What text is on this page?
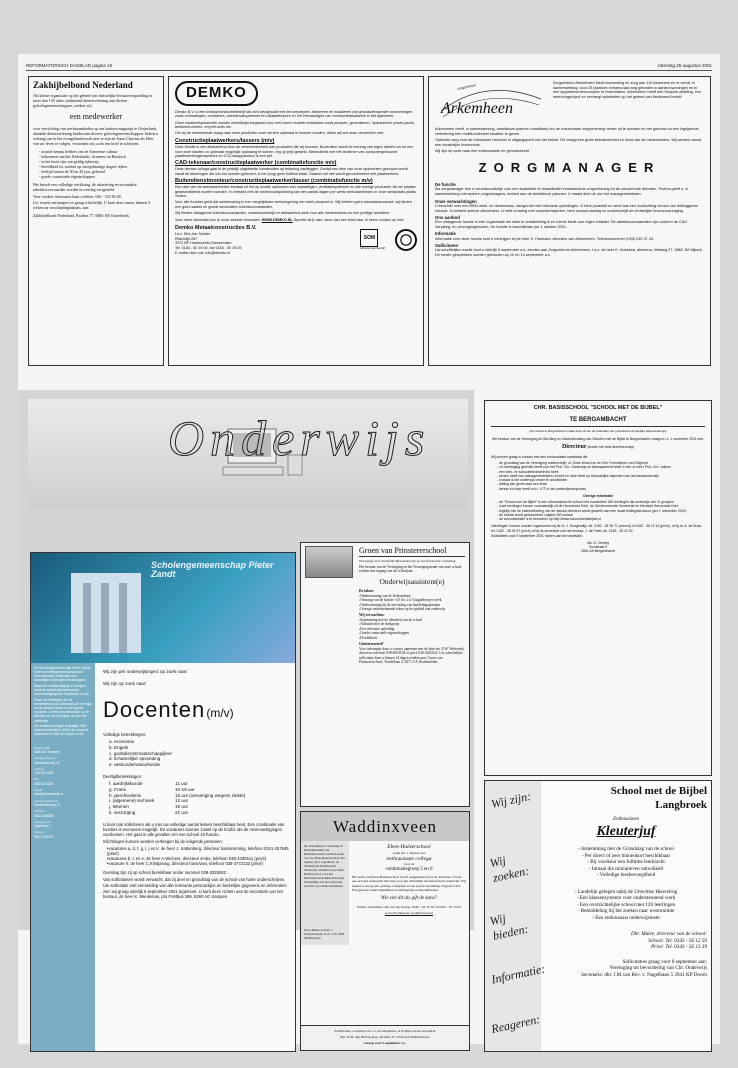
REFORMATORISCH DAGBLAD pagina 16	zaterdag 25 augustus 2001
Zakhijbelbond Nederland

Als kleine organisatie op het gebied van christelijke lectuurverspreiding in meer dan 130 talen, uitsluitend dienstverlening aan diverse geloofsgemeenschappen, zoeken wij:

een medewerker

voor verrichting van werkzaamheden op ons kantoor/magazijn te Oosterbeek, alsmede dienstverlening binden aan diverse geloofsgemeenschappen. Indien u verlangt om in het evangelisatiewerk mee te zijn en Jezus Christus als Heer van uw leven te volgen, verzoeken wij u om een brief te schrijven.

- actuele kennis hebben van de Armeense cultuur
- bekenmen van het Nederlands, Armeens en Russisch
- in het bezit zijn van geldig rijbewijs
- bereidheid tot werken op onregelmatige dagen/ tijden
- leeftijd tussen de 30 en 45 jaar, geboeid
- goede contactuele eigenschappen

Het betreft een volledige werkkring, de salariëring en secundaire arbeidsvoorwaarden worden in overleg vastgesteld.

Voor verdere informatie kunt u bellen: 026 - 333 80 48.

Uw reactie ontvangen we graag schriftelijk. U kunt deze sturen, binnen 3 weken na verschijningsdatum, aan:

Zakbijbelbond Nederland, Postbus 77, 6860 AB Oosterbeek

DEMKO

Demko B.V. is een metaalconstructiebedrijf dat zich bezighoudt met het ontwerpen, fabriceren en installeren van geluidsdempende voorzieningen zoals omkastingen, containers, werkstraaksystemen en uitlaatdempers en het vervaardigen van constructieplaatwerk in het algemeen.

Onze maatwerkproducten worden wereldwijd toegepast voor met name mobiele installaties zoals pompen, generatoren, hydraulische power-packs, bentoniet-mixers, recycle-units etc.

Om bij de toenemende vraag naar onze producten onze service optimaal te kunnen houden, willen wij ons team versterken met:

Constructieplaatwerkers/lassers (m/v)

Deze functie is een afwisselend door de verscheidenheid aan producten die wij bouwen. Bovendien wordt de inbreng van eigen ideeën om tot een voor onze klanten zo optimaal mogelijke oplossing te komen, erg op prijs gesteld. Bekendheid met het bedienen van computergestuurde plaatbewerkingsmachines en CO2-lasapparatuur is een pré.

CAD-tekenaar/constructieplaatwerker (combinatiefunctie m/v)

Deze nieuwe collega gaat in de praktijk uitgebreide constructies op tekening vastleggen. Omdat een deel van onze opdrachten gebouwd wordt vanaf de tekeningen die ons toe worden geleverd, is het (nog) geen fulltime baan. Daarom wil niet wordt gecombineerd met plaatwerkers.

Buitendienstmonteur/constructieplaatwerker/lasser (combinatiefunctie m/v)

Een deel van de werkzaamheden bestaat uit het op locatie opbouwen van onkastingen, ventilatiesystemen en alle overige producten die ter plaatse geassembleerd moeten worden. In verband met de onderhoudsplanning kan een aantal dagen per week werkzaamheden in onze werkplaats plaats vinden.

Voor alle functies geldt dat werkervaring in een vergelijkbare werkomgeving een sterk pluspunt is. Wij hebben geen standaardcontract; wij bieden een goed salaris en goede secundaire arbeidsvoorwaarden.

Wij bieden uitdagende arbeidsvoorwaarden, verantwoordelijk en afwisselend werk voor alle medewerkers en een prettige werksfeer.

Voor meer informatie kun je onze website bezoeken, WWW.DEMKO.NL Spreekt dit je aan, stuur dan een brief naar of neem contact op met:

Demko Metaalconstructies B.V.
t.a.v. Dirk-Jan Schriet
Rivierdijk 287
3372 BP Hardinxveld-Giessendam
Tel. 0184 - 60 19 00, fax 0184 - 60 25 09
E-mailen kan ook: info@demko.nl
SOM
Erkend Leerbedrijf
Arkemheen
zorgcentrum

Zorgcentrum Arkemheen biedt huisvesting en zorg aan 110 bewoners en er wordt, in samenwerking, voor 25 plaatsen extramuraal zorg geboden in aanleunwoningen en in een appartementencomplex in Hoevelaken. Arkemheen heeft een Hospice-afdeling, een meerzorgproject en vervangt activiteiten op het gebied van flankerend beleid.

Arkemheen heeft, in samenwerking, ambitieuze plannen ontwikkeld om de extramurale zorgverlening verder uit te bouwen en het gebouw na een ingrijpende verbetering een multifunctioneel karakter te geven.

Optimale zorg voor de individuele bewoner is uitgangspunt van het beleid. Dit vraagt een grote betrokkenheid en inzet van de medewerkers. Wij werken vanuit een christelijke levensvisie.

Wij zijn op zoek naar een enthousiaste en gemotiveerde

ZORGMANAGER
De functie

Als zorgmanager ben u verantwoordelijk voor een kwalitatief en kwantitatief verantwoorde zorgverlening en de uitvoerende diensten. Tevens geeft u, in samenwerking met andere zorgmanagers, invloed aan de ambitieuze plannen. U maakt deel uit van het managementteam.

Onze verwachtingen

U beschikt over een HBO-werk- en denkniveau, aangevuld met relevante opleidingen. U bent proactief en weet wat een voorlichting inhoud van leidinggeven inhoudt. U beheert actieve uitvoerders. U hebt ervaring met verandertrajecten, bent sociaal vaardig en onderschrijft de christelijke levensovertuiging.

Ons aanbod

Een uitdagende functie in een organisatie die sterk in ontwikkeling is en ruimte biedt voor eigen initiatief. De arbeidsvoorwaarden zijn conform de CAO Verpleeg- en verzorgingshuizen. De functie is beschikbaar per 1 oktober 2001.

Informatie

Informatie over deze functie kunt u verkrijgen bij de heer K. Hoekstra, directeur van Arkemheen. Telefoonnummer (033) 245 37 34.

Sollicitaren

Uw schriftelijke reactie kunt u uiterlijk 5 september a.s. zenden aan Zorgcentrum Arkemheen, t.a.v. de heer K. Hoekstra, directeur, Veltweg 27, 3862 JM Nijkerk. De eerste gesprekken worden gehouden op 10 en 14 september a.s.

Onderwijs
Scholengemeenschap Pieter Zandt

De scholengemeenschap Pieter Zandt is een scholengemeenschap voor reformatorisch onderwijs voor christelijke schoolgemeenschappen.

Naast de hoofdvestiging in Kampen heeft de scholengemeenschap nevenvestigingen in Staphorst en Urk.

Zowel de leerlingen als de medewerkers zijn afkomstig uit de regio en de scholen staan in een goede reputatie. U bent een leerkracht op de scholen en uw hart gaat uit naar het onderwijs.

Het aantal leerlingen bedraagt 2400. Daarvan bezoeken 1000 de school te Staphorst en 400 de school in Urk.

Postbus 296
8260 AG Kampen
Vestiging Kampen
Kampenerweg 11
Telefoon
038-3323261
Fax
038-3321250
E-mail
info@pieterzandt.nl
Vestiging Staphorst
Gemeenteweg 12
Telefoon
0522-465898
Vestiging Urk
Lijsterbes 1
Telefoon
0527-243370

Wij zijn per onderwijstraject op zoek naar:

Wij zijn op zoek naar:

Docenten (m/v)

Volledige betrekkingen:

a. economie
b. Engels
c. godsdienst/maatschappijleer
d. lichamelijke opvoeding
e. wiskunde/natuurkunde

Deeltijdbetrekkingen:

f. aardrijkskunde	11 uur
g. Frans	10-16 uur
h. geschiedenis	15 uur (vervanging wegens ziekte)
i. (algemene) techniek	12 uur
j. tekenen	19 uur
k. verzorging	22 uur

U kunt ook solliciteren als u met uw volledige aantal lessen beschikbaar bent. Een combinatie van functies is eveneens mogelijk. De vacatures kunnen zowel op de hoofd- als de nevenvestigingen voorkomen. Het gaat in alle gevallen om een school 10-functie.

Inlichtingen kunnen worden verkregen bij de volgende personen:

• vacatures a, d, f, g, i, j en k: de heer J. Kattenberg, directeur basisvorming, telefoon 0341-257945 (privé)
• vacatures b, c en e: de heer A.Wichers, directeur vmbo, telefoon 038-3330511 (privé)
• vacature h: de heer C.Kristjaning, directeur havo/vwo, telefoon 038-4772133 (privé)

Overdag zijn zij op school bereikbaar onder nummer 038-3325262.

Van sollicitanten wordt verwacht, dat zij deel en grondslag van de school van harte onderschrijven.

Uw sollicitatie met vermelding van alle relevante persoonlijke en berkelijke gegevens en referenties zien wij graag uiterlijk 5 september 2001 tegemoet. U kunt deze richten aan de secretaris van het bestuur, de heer K. Meuleman, p/a Postbus 296, 8260 AG Kampen.

Groen van Prinstererschool

Vereniging voor Christelijk Basisonderwijs op Gereformeerde Grondslag

Het bestuur van de Vereniging en het Verzorgingsteam van onze school, zoeken met ingang van dit schooljaar:

Onderwijsassistent(e)
De taken:
› Ondersteuning van de leerkrachten
› Omvang van de functie: 0,5 fte, 2 à 3 dagdelen per week
› Ondersteuning bij de uitvoering van handelingsplannen
› Overige ondersteunende taken op het gebied van onderwijs
Wij verwachten:
› Instemming met de identiteit van de school
› Affiniteit met de doelgroep
› Een relevante opleiding
› Goede contactuele eigenschappen
› Flexibiliteit
Geïnteresseerd?

Voor informatie kunt u contact opnemen met de heer drs. F.W. Westerink, directeur, telefoon 038-4654138 of privé 038-4225632. Uw schriftelijke sollicitatie kunt u binnen 14 dagen zenden aan: Groen van Prinstererschool, Vondellaan 4, 8271 CA IJsselmuiden.

Waddinxveen

De Vereniging tot Stichting en Instandhouding van Reformatorische Scholen zoekt voor de Eben-Haëzerschool met ingang van 1 september: de Stichting Reformatorisch Onderwijs Waddinxveen, Eben-Haëzerschool voor het Reformatorisch Basisonderwijs. Uitbreiding van het onderwijs, een hart voor kinderen hebben.

Eben-Haëzerschool, J. Dommisselaan O 23, 2741 HM Waddinxveen

Eben-Haëzerschool
zoekt per 1 oktober een
enthousiaste collega
voor de
combinatiegroep 5 en 6

Het team van Eben-Haëzerschool wordt aangestuurd door de directeur. U bent een ervaren leerkracht met hart voor het christelijk reformatorisch onderwijs. Wij bieden u een goede, prettige werkplek en een goede salariëring volgens CAO. Een gezond onderwijsklimaat en uitdagende werkzaamheden.

Wie ziet dit als gift de kans?

Nadere informatie: Dit van der Knaap, 0182 - 61 35 50 of 0182 - 61 35 05

www.Ebenhaezer-waddinxveen.nl

Sollicitaties, voorzien van c.v. en referenties, te richten aan de secretaris:

mw. D.M. den Hertog-Kop, Postbus 47, 2740 AA Waddinxveen.

Graag voor 5 september a.s.

CHR. BASISSCHOOL "SCHOOL MET DE BIJBEL"
TE BERGAMBACHT

(De school te Bergambacht maakt deel uit van de Federatie van protestants-christelijke basisonderwijs)

Het bestuur van de Vereniging tot Stichting en Instandhouding van Scholen met de Bijbel te Bergambacht vraagt m.i.v. 1 november 2001 een:

Directeur (binnen een dual directeurschap)

Wij kunnen graag in contact met een enthousiaste kandidaat die:

- de grondslag van de Vereniging onderschrijft, nl. Gods Woord en de Drie Formulieren van Enigheid
- uit overtuiging gebruikt heeft voor het Prot. Chr. Onderwijs en bekwaamheid heeft in een of meer Prot.-Chr. vakken
- een kerk- en schoolbetrokkenheid heeft
- kennis heeft van managementtaken; inzicht en visie heeft op inhoudelijke aspecten van het basisonderwijs
- in staat is het onderwijs verder te ontwikkelen
- leiding kan geven aan een team
- kennis en visie heeft m.b.t. ICT in het onderwijsleerproces
Overige informatie
- de "School met de Bijbel" is een reformatorische school met momenteel 180 leerlingen die onderwijs van 11 groepen
- onze leerlingen komen voornamelijk uit de Hervormde Kerk, de Gereformeerde Gemeente en Hersteld Hervormde Kerk
- tegelijk met de indiensttreding van de nieuwe directeur wordt gewerkt aan een duale leidingsstructuur (per 1 november 2001)
- de functie wordt gehonoreerd volgens DR-schaal
- de schoolwebsite is te bezoeken op http://www.schoolmetdebijbel.nl

Inlichtingen kunnen worden ingewonnen bij de hr. J. Hoogendijk, tel. 0182 - 35 15 71 (school) of 0182 - 35 13 19 (privé), of bij dr. A. de Bruin, tel. 0182 - 35 30 97 (privé) of bij de secretaris van het bestuur, J. de Pater, tel. 0182 - 35 42 92.

Sollicitaties voor 5 september 2001 richten aan de secretaris:

dhr. G. Verwey
Voorstraat 9
2861 AA Bergambacht
Wij zijn:
Wij zoeken:
Wij bieden:
Informatie:
Reageren:
School met de Bijbel
Langbroek
Enthousiaste
Kleuterjuf
- Instemming met de Grondslag van de school
- Per direct of zeer binnenkort beschikbaar
- Bij voorkeur een fulltime leerkracht
- Inmaal die miniatieven ontwikkelt
- Volledige leesbevoegdheid
- Landelijk gelegen nabij de Utrechtse Heuvelrug
- Een klassensysteem voor ondersteunend werk
- Een overzichtelijke school met 120 leerlingen
- Bemiddeling bij het zoeken naar woonruimte
- Een enthousiast onderwijsteam
Dhr. Mutze, directeur van de school:
School: Tel. 0343 - 56 12 50
Privé: Tel. 0343 - 56 13 39
Sollicitaties graag voor 8 september aan:
Vereniging tot bevordering van Chr. Onderwijs
Secretaris: dhr. J.M.van Rev. v. Nagelbaan 5 3941 KP Doorn
